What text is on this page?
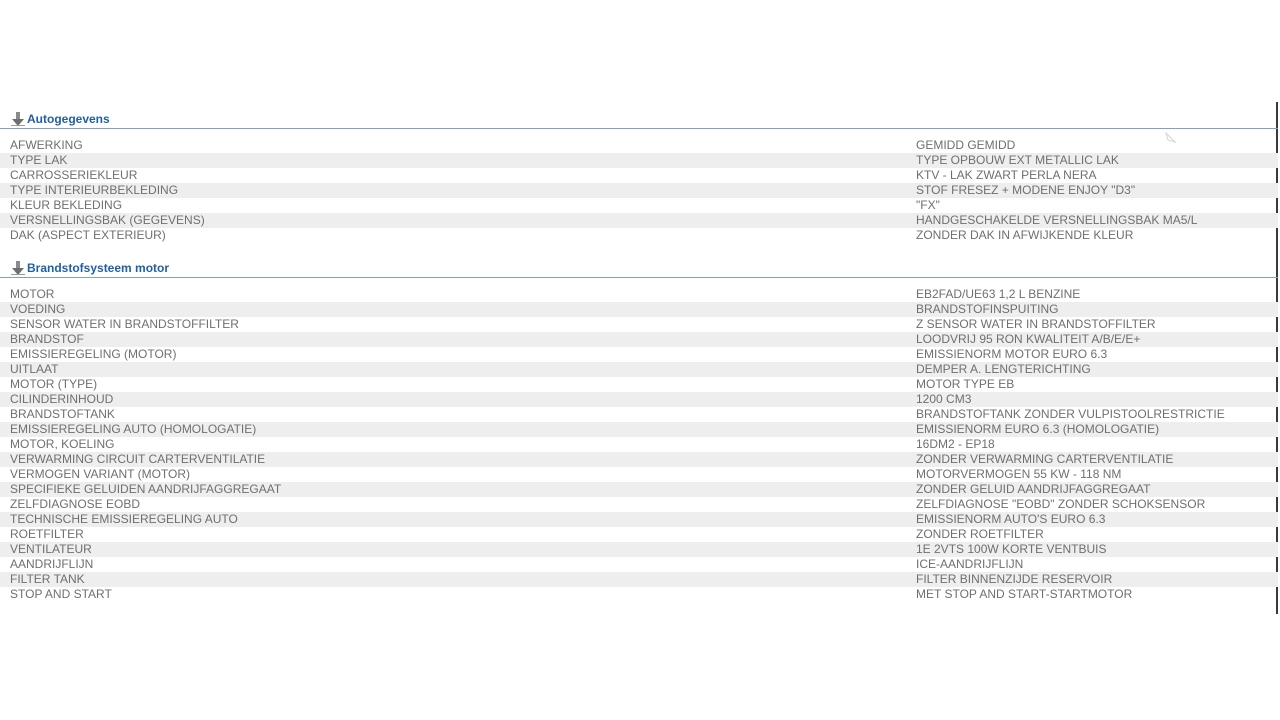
Autogegevens
AFWERKING	GEMIDD GEMIDD
TYPE LAK	TYPE OPBOUW EXT METALLIC LAK
CARROSSERIEKLEUR	KTV - LAK ZWART PERLA NERA
TYPE INTERIEURBEKLEDING	STOF FRESEZ + MODENE ENJOY "D3"
KLEUR BEKLEDING	"FX"
VERSNELLINGSBAK (GEGEVENS)	HANDGESCHAKELDE VERSNELLINGSBAK MA5/L
DAK (ASPECT EXTERIEUR)	ZONDER DAK IN AFWIJKENDE KLEUR
Brandstofsysteem motor
MOTOR	EB2FAD/UE63 1,2 L BENZINE
VOEDING	BRANDSTOFINSPUITING
SENSOR WATER IN BRANDSTOFFILTER	Z SENSOR WATER IN BRANDSTOFFILTER
BRANDSTOF	LOODVRIJ 95 RON KWALITEIT A/B/E/E+
EMISSIEREGELING (MOTOR)	EMISSIENORM MOTOR EURO 6.3
UITLAAT	DEMPER A. LENGTERICHTING
MOTOR (TYPE)	MOTOR TYPE EB
CILINDERINHOUD	1200 CM3
BRANDSTOFTANK	BRANDSTOFTANK ZONDER VULPISTOOLRESTRICTIE
EMISSIEREGELING AUTO (HOMOLOGATIE)	EMISSIENORM EURO 6.3 (HOMOLOGATIE)
MOTOR, KOELING	16DM2 - EP18
VERWARMING CIRCUIT CARTERVENTILATIE	ZONDER VERWARMING CARTERVENTILATIE
VERMOGEN VARIANT (MOTOR)	MOTORVERMOGEN 55 KW - 118 NM
SPECIFIEKE GELUIDEN AANDRIJFAGGREGAAT	ZONDER GELUID AANDRIJFAGGREGAAT
ZELFDIAGNOSE EOBD	ZELFDIAGNOSE "EOBD" ZONDER SCHOKSENSOR
TECHNISCHE EMISSIEREGELING AUTO	EMISSIENORM AUTO'S EURO 6.3
ROETFILTER	ZONDER ROETFILTER
VENTILATEUR	1E 2VTS 100W KORTE VENTBUIS
AANDRIJFLIJN	ICE-AANDRIJFLIJN
FILTER TANK	FILTER BINNENZIJDE RESERVOIR
STOP AND START	MET STOP AND START-STARTMOTOR
